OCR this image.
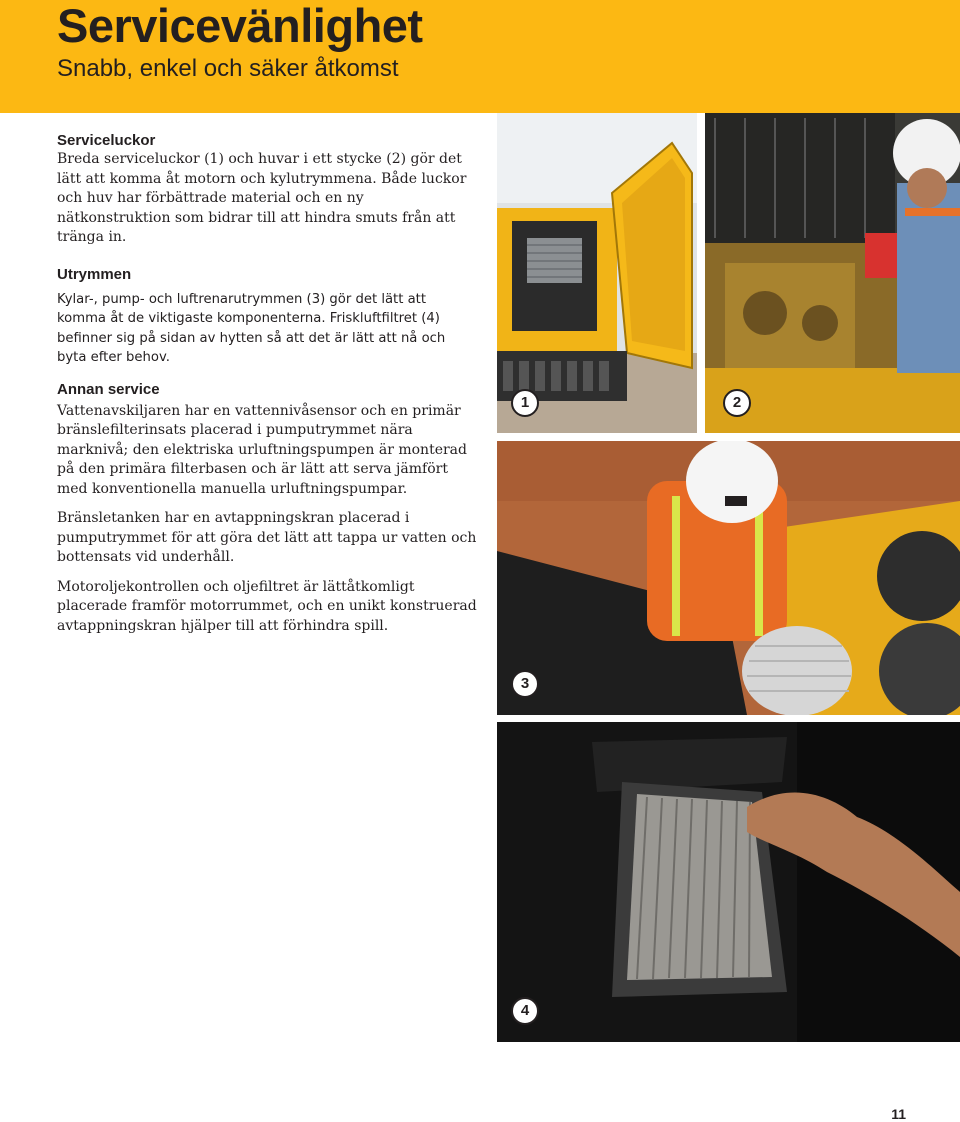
Servicevänlighet
Snabb, enkel och säker åtkomst

Serviceluckor

Breda serviceluckor (1) och huvar i ett stycke (2) gör det lätt att komma åt motorn och kylutrymmena. Både luckor och huv har förbättrade material och en ny nätkonstruktion som bidrar till att hindra smuts från att tränga in.

Utrymmen

Kylar-, pump- och luftrenarutrymmen (3) gör det lätt att komma åt de viktigaste komponenterna. Friskluftfiltret (4) befinner sig på sidan av hytten så att det är lätt att nå och byta efter behov.

Annan service

Vattenavskiljaren har en vattennivåsensor och en primär bränslefilterinsats placerad i pumputrymmet nära marknivå; den elektriska urluftningspumpen är monterad på den primära filterbasen och är lätt att serva jämfört med konventionella manuella urluftningspumpar.

Bränsletanken har en avtappningskran placerad i pumputrymmet för att göra det lätt att tappa ur vatten och bottensats vid underhåll.

Motoroljekontrollen och oljefiltret är lättåtkomligt placerade framför motorrummet, och en unikt konstruerad avtappningskran hjälper till att förhindra spill.

1	2
3
4
11
